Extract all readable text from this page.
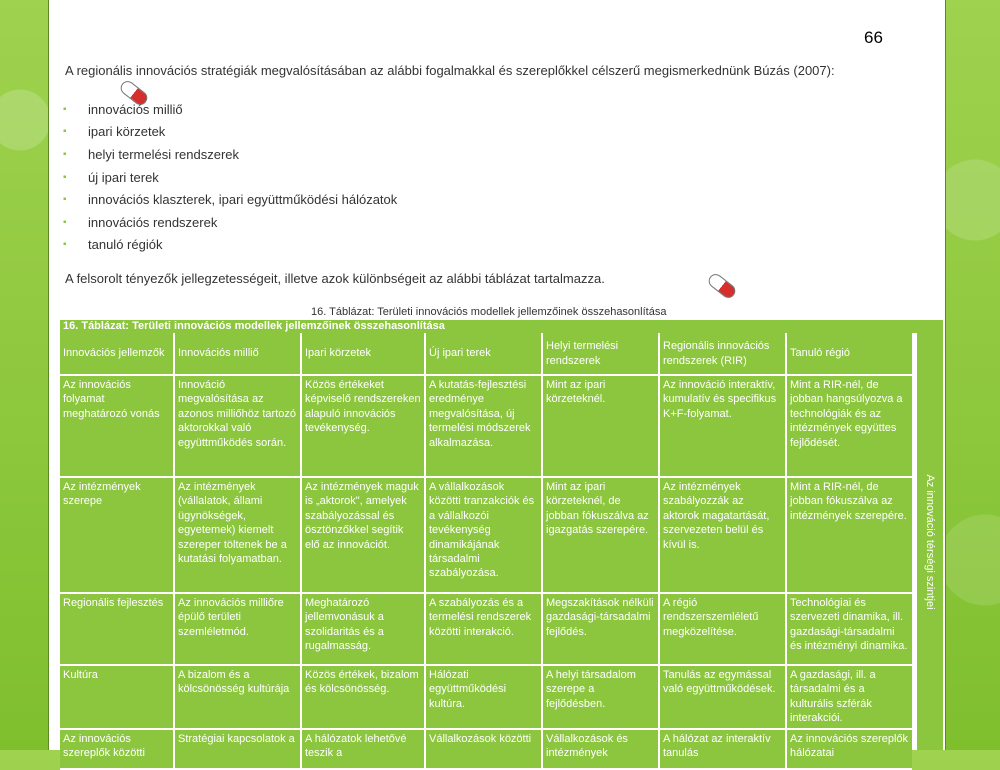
66
A regionális innovációs stratégiák megvalósításában az alábbi fogalmakkal és szereplőkkel célszerű megismerkednünk Búzás (2007):
▪	innovációs milliő
▪	ipari körzetek
▪	helyi termelési rendszerek
▪	új ipari terek
▪	innovációs klaszterek, ipari együttműködési hálózatok
▪	innovációs rendszerek
▪	tanuló régiók
A felsorolt tényezők jellegzetességeit, illetve azok különbségeit az alábbi táblázat tartalmazza.
16. Táblázat: Területi innovációs modellek jellemzőinek összehasonlítása
16. Táblázat: Területi innovációs modellek jellemzőinek összehasonlítása
Innovációs jellemzők	Innovációs milliő	Ipari körzetek	Új ipari terek	Helyi termelési rendszerek	Regionális innovációs rendszerek (RIR)	Tanuló régió
Az innovációs folyamat meghatározó vonás	Innováció megvalósítása az azonos milliőhöz tartozó aktorokkal való együttműködés során.	Közös értékeket képviselő rendszereken alapuló innovációs tevékenység.	A kutatás-fejlesztési eredménye megvalósítása, új termelési módszerek alkalmazása.	Mint az ipari körzeteknél.	Az innováció interaktív, kumulatív és specifikus K+F-folyamat.	Mint a RIR-nél, de jobban hangsúlyozva a technológiák és az intézmények együttes fejlődését.
Az intézmények szerepe	Az intézmények (vállalatok, állami ügynökségek, egyetemek) kiemelt szereper töltenek be a kutatási folyamatban.	Az intézmények maguk is „aktorok", amelyek szabályozással és ösztönzőkkel segítik elő az innovációt.	A vállalkozások közötti tranzakciók és a vállalkozói tevékenység dinamikájának társadalmi szabályozása.	Mint az ipari körzeteknél, de jobban fókuszálva az igazgatás szerepére.	Az intézmények szabályozzák az aktorok magatartását, szervezeten belül és kívül is.	Mint a RIR-nél, de jobban fókuszálva az intézmények szerepére.
Regionális fejlesztés	Az innovációs milliőre épülő területi szemléletmód.	Meghatározó jellemvonásuk a szolidaritás és a rugalmasság.	A szabályozás és a termelési rendszerek közötti interakció.	Megszakítások nélküli gazdasági-társadalmi fejlődés.	A régió rendszerszemléletű megközelítése.	Technológiai és szervezeti dinamika, ill. gazdasági-társadalmi és intézményi dinamika.
Kultúra	A bizalom és a kölcsönösség kultúrája	Közös értékek, bizalom és kölcsönösség.	Hálózati együttműködési kultúra.	A helyi társadalom szerepe a fejlődésben.	Tanulás az egymással való együttműködések.	A gazdasági, ill. a társadalmi és a kulturális szférák interakciói.
Az innovációs szereplők közötti	Stratégiai kapcsolatok a	A hálózatok lehetővé teszik a	Vállalkozások közötti	Vállalkozások és intézmények	A hálózat az interaktív tanulás	Az innovációs szereplők hálózatai
Az innováció térségi szintjei
